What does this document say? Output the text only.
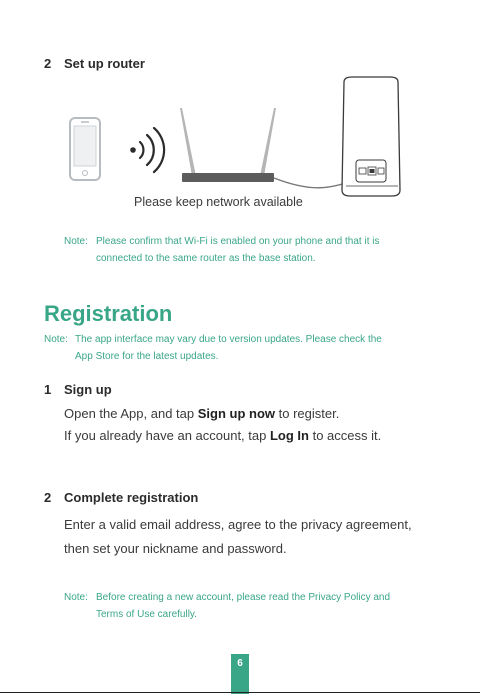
2 Set up router
Please keep network available
Note: Please confirm that Wi-Fi is enabled on your phone and that it is
connected to the same router as the base station.
Registration
Note: The app interface may vary due to version updates. Please check the
App Store for the latest updates.
1 Sign up
Open the App, and tap Sign up now to register.
If you already have an account, tap Log In to access it.
2 Complete registration
Enter a valid email address, agree to the privacy agreement,
then set your nickname and password.
Note: Before creating a new account, please read the Privacy Policy and
Terms of Use carefully.
6
